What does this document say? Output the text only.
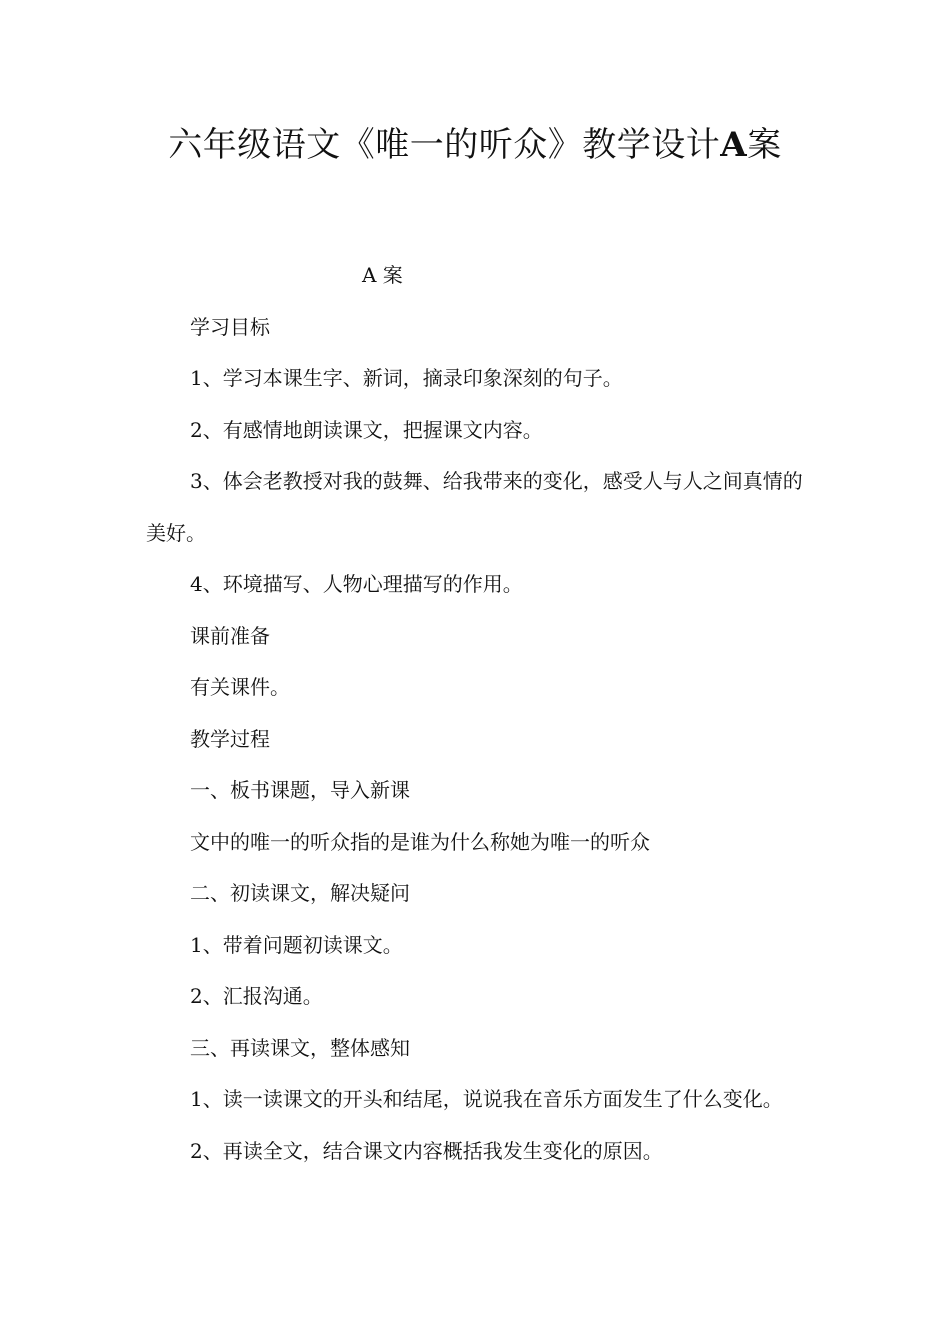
六年级语文《唯一的听众》教学设计A案

A 案

学习目标

1、学习本课生字、新词，摘录印象深刻的句子。

2、有感情地朗读课文，把握课文内容。

3、体会老教授对我的鼓舞、给我带来的变化，感受人与人之间真情的美好。

4、环境描写、人物心理描写的作用。

课前准备

有关课件。

教学过程

一、板书课题，导入新课

文中的唯一的听众指的是谁为什么称她为唯一的听众

二、初读课文，解决疑问

1、带着问题初读课文。

2、汇报沟通。

三、再读课文，整体感知

1、读一读课文的开头和结尾，说说我在音乐方面发生了什么变化。

2、再读全文，结合课文内容概括我发生变化的原因。
